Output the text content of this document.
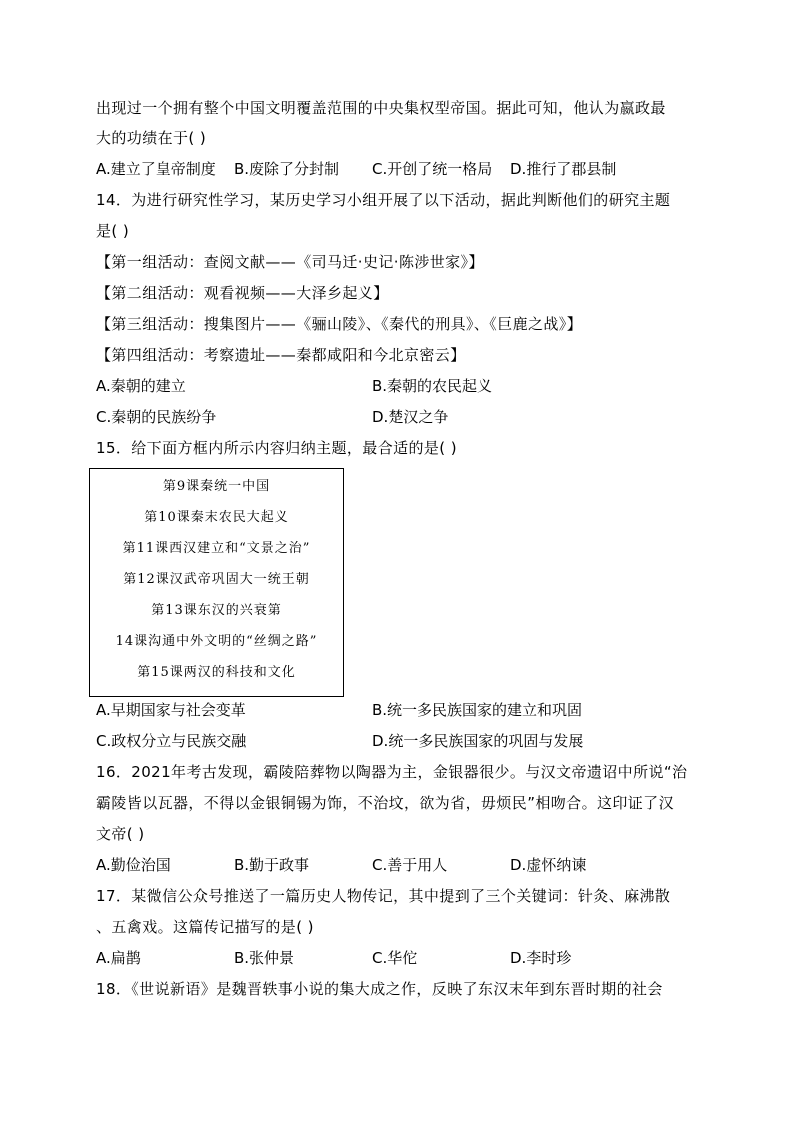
出现过一个拥有整个中国文明覆盖范围的中央集权型帝国。据此可知，他认为嬴政最
大的功绩在于( )
A.建立了皇帝制度 B.废除了分封制 C.开创了统一格局 D.推行了郡县制
14．为进行研究性学习，某历史学习小组开展了以下活动，据此判断他们的研究主题
是( )
【第一组活动：查阅文献——《司马迁·史记·陈涉世家》】
【第二组活动：观看视频——大泽乡起义】
【第三组活动：搜集图片——《骊山陵》、《秦代的刑具》、《巨鹿之战》】
【第四组活动：考察遗址——秦都咸阳和今北京密云】
A.秦朝的建立	B.秦朝的农民起义
C.秦朝的民族纷争	D.楚汉之争
15．给下面方框内所示内容归纳主题，最合适的是( )
第9课秦统一中国
第10课秦末农民大起义
第11课西汉建立和“文景之治”
第12课汉武帝巩固大一统王朝
第13课东汉的兴衰第
14课沟通中外文明的“丝绸之路”
第15课两汉的科技和文化
A.早期国家与社会变革	B.统一多民族国家的建立和巩固
C.政权分立与民族交融	D.统一多民族国家的巩固与发展
16．2021年考古发现，霸陵陪葬物以陶器为主，金银器很少。与汉文帝遗诏中所说“治
霸陵皆以瓦器，不得以金银铜锡为饰，不治坟，欲为省，毋烦民”相吻合。这印证了汉
文帝( )
A.勤俭治国	B.勤于政事	C.善于用人	D.虚怀纳谏
17．某微信公众号推送了一篇历史人物传记，其中提到了三个关键词：针灸、麻沸散
、五禽戏。这篇传记描写的是( )
A.扁鹊	B.张仲景	C.华佗	D.李时珍
18．《世说新语》是魏晋轶事小说的集大成之作，反映了东汉末年到东晋时期的社会
